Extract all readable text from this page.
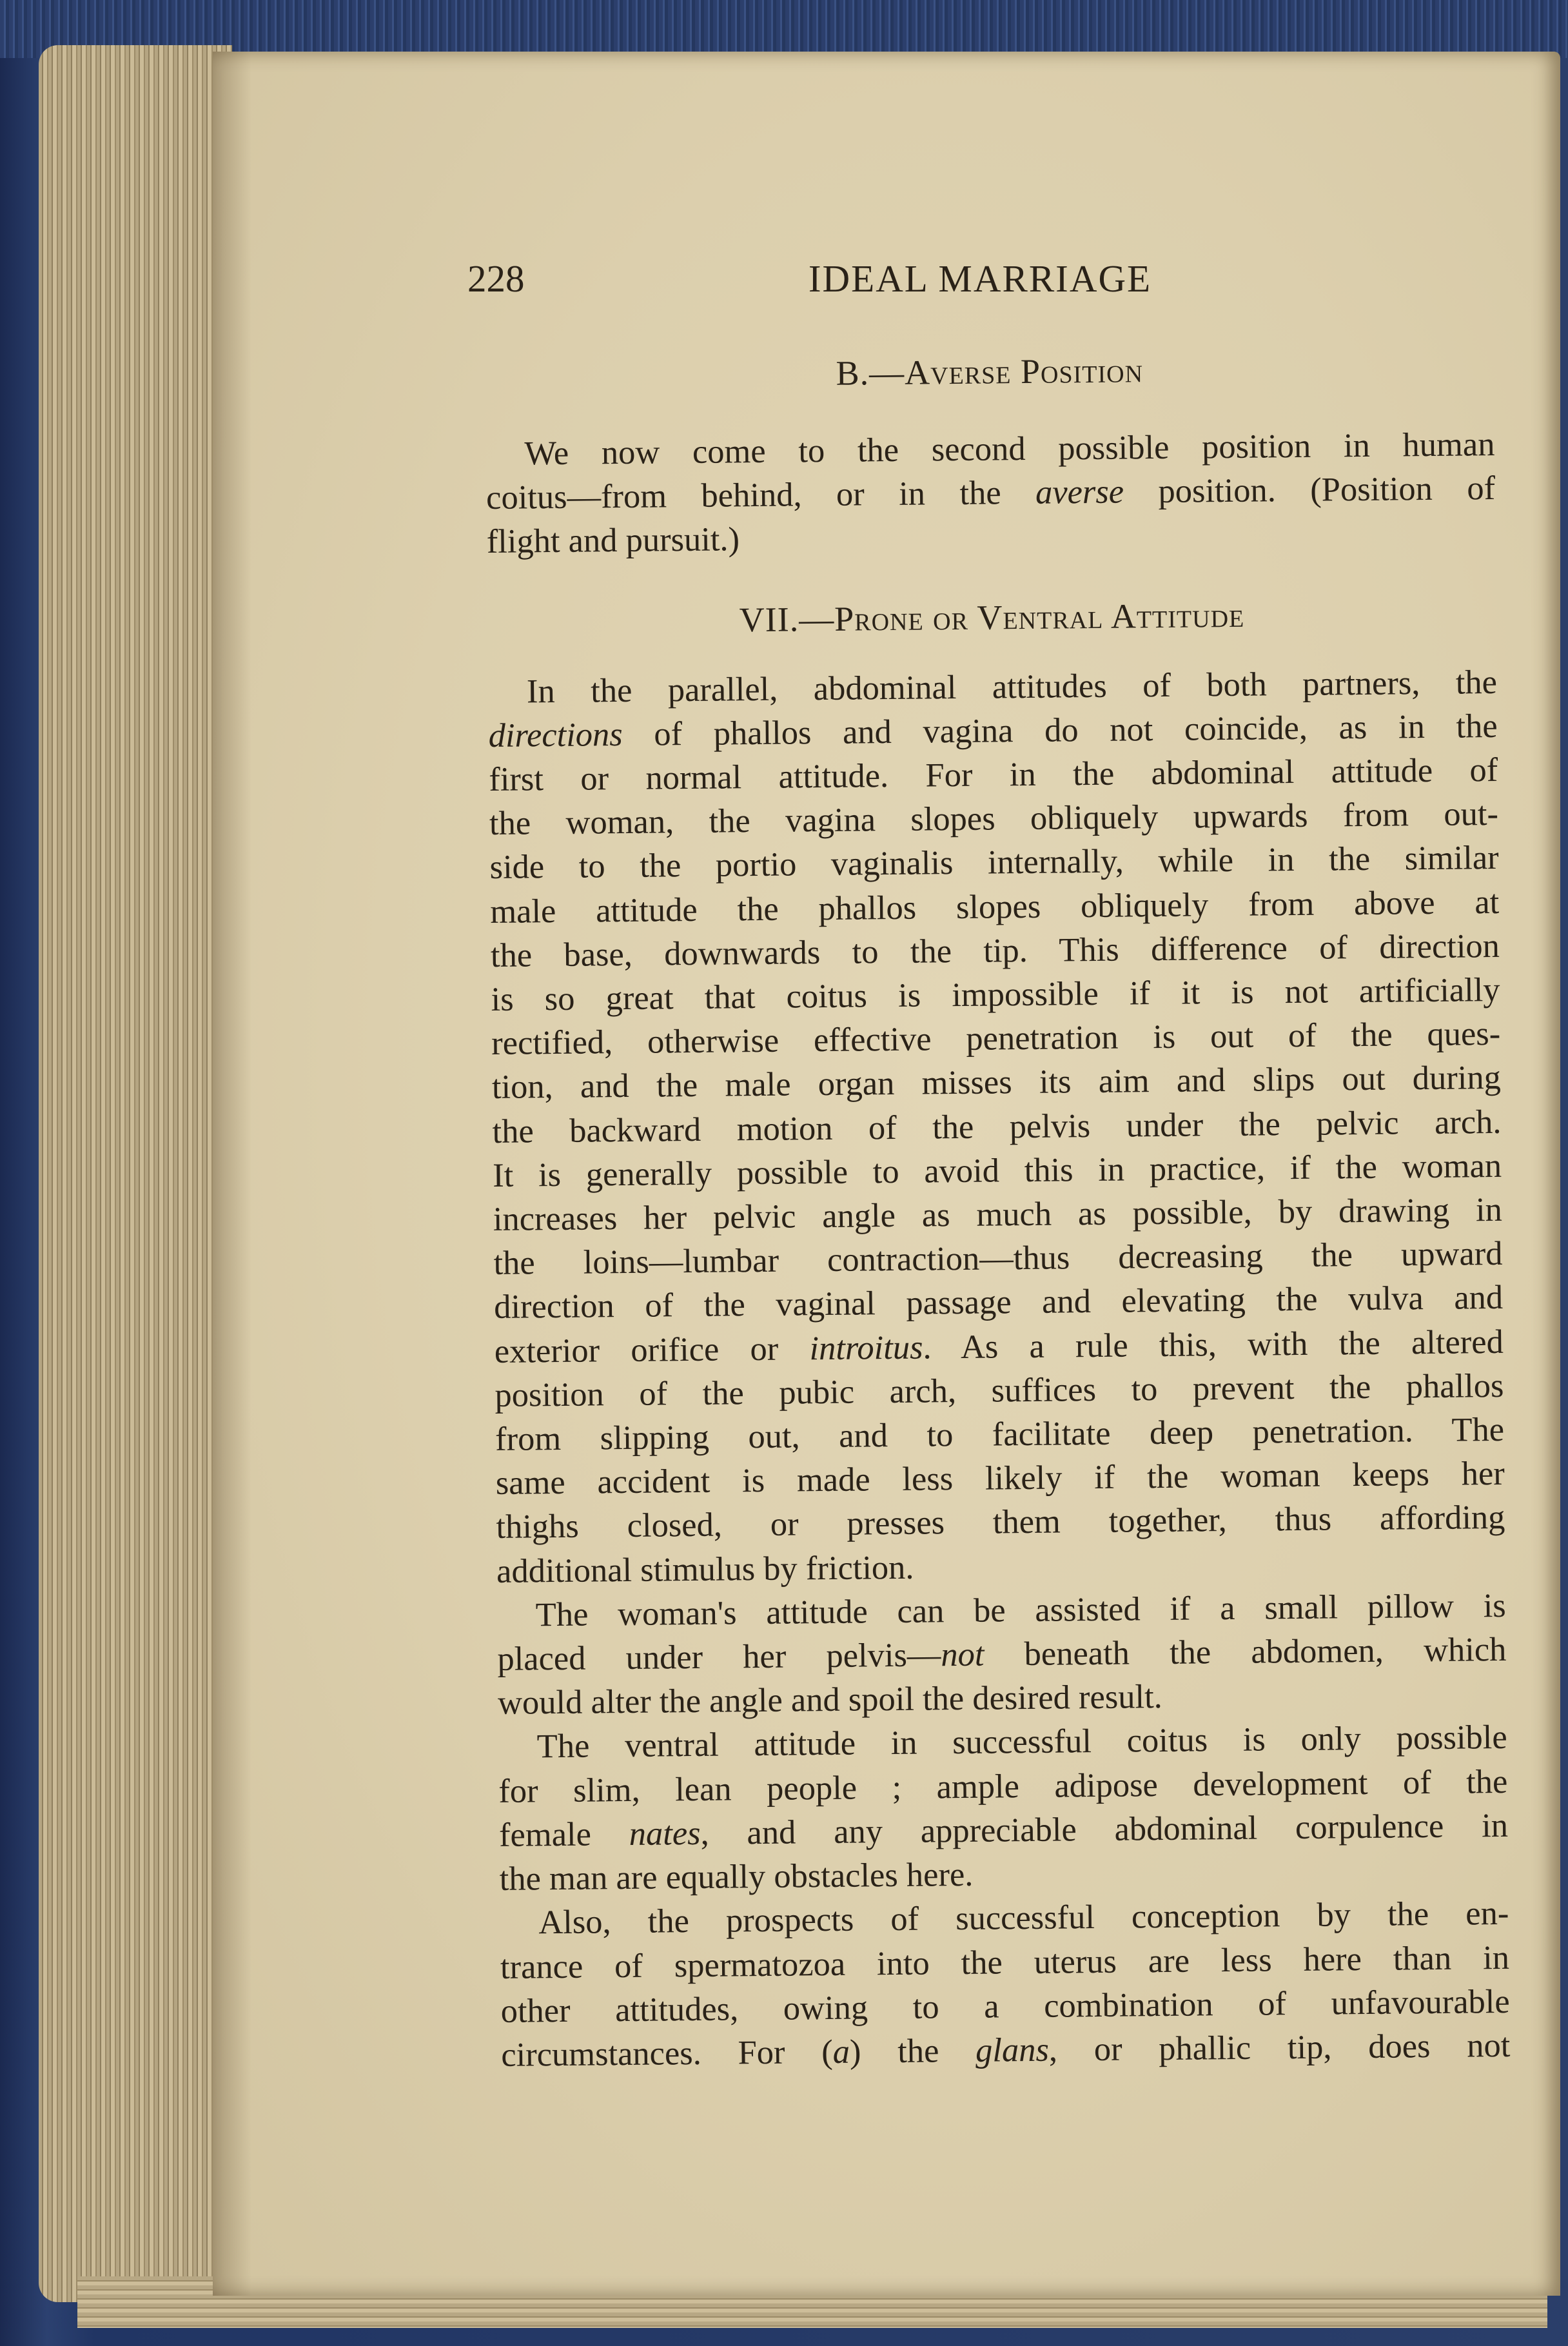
228	IDEAL MARRIAGE
B.—Averse Position
We now come to the second possible position in human
coitus—from behind, or in the averse position. (Position of
flight and pursuit.)
VII.—Prone or Ventral Attitude
In the parallel, abdominal attitudes of both partners, the
directions of phallos and vagina do not coincide, as in the
first or normal attitude. For in the abdominal attitude of
the woman, the vagina slopes obliquely upwards from out-
side to the portio vaginalis internally, while in the similar
male attitude the phallos slopes obliquely from above at
the base, downwards to the tip. This difference of direction
is so great that coitus is impossible if it is not artificially
rectified, otherwise effective penetration is out of the ques-
tion, and the male organ misses its aim and slips out during
the backward motion of the pelvis under the pelvic arch.
It is generally possible to avoid this in practice, if the woman
increases her pelvic angle as much as possible, by drawing in
the loins—lumbar contraction—thus decreasing the upward
direction of the vaginal passage and elevating the vulva and
exterior orifice or introitus. As a rule this, with the altered
position of the pubic arch, suffices to prevent the phallos
from slipping out, and to facilitate deep penetration. The
same accident is made less likely if the woman keeps her
thighs closed, or presses them together, thus affording
additional stimulus by friction.
The woman's attitude can be assisted if a small pillow is
placed under her pelvis—not beneath the abdomen, which
would alter the angle and spoil the desired result.
The ventral attitude in successful coitus is only possible
for slim, lean people ; ample adipose development of the
female nates, and any appreciable abdominal corpulence in
the man are equally obstacles here.
Also, the prospects of successful conception by the en-
trance of spermatozoa into the uterus are less here than in
other attitudes, owing to a combination of unfavourable
circumstances. For (a) the glans, or phallic tip, does not
